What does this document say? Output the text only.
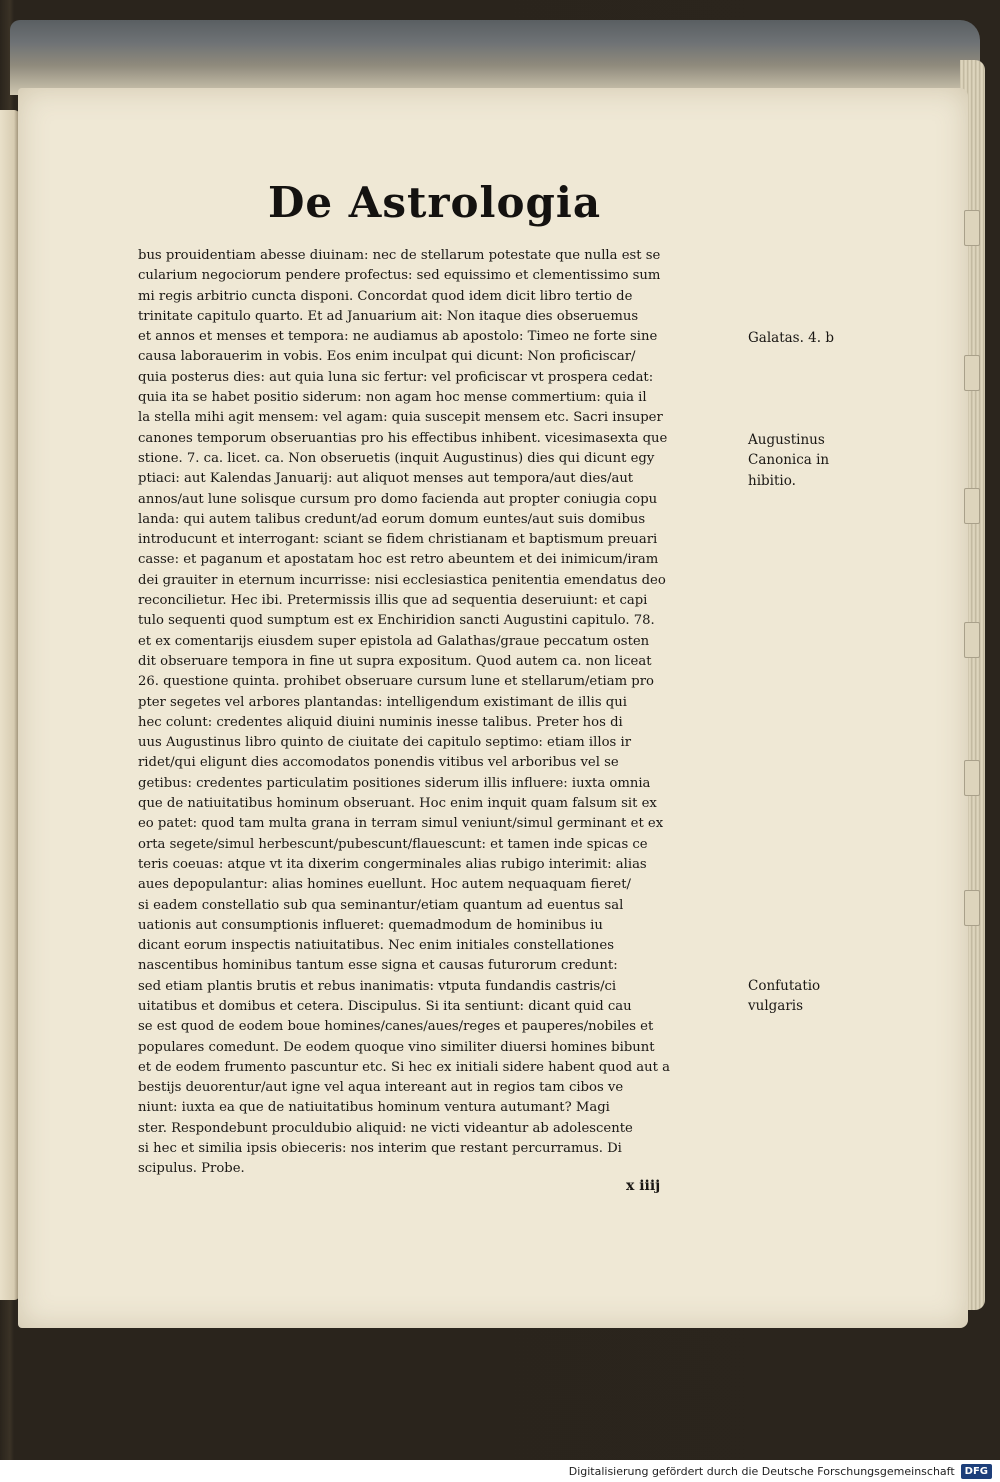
De Astrologia
bus prouidentiam abesse diuinam: nec de stellarum potestate que nulla est se
cularium negociorum pendere profectus: sed equissimo et clementissimo sum
mi regis arbitrio cuncta disponi. Concordat quod idem dicit libro tertio de
trinitate capitulo quarto. Et ad Januarium ait: Non itaque dies obseruemus
et annos et menses et tempora: ne audiamus ab apostolo: Timeo ne forte sine
causa laborauerim in vobis. Eos enim inculpat qui dicunt: Non proficiscar/
quia posterus dies: aut quia luna sic fertur: vel proficiscar vt prospera cedat:
quia ita se habet positio siderum: non agam hoc mense commertium: quia il
la stella mihi agit mensem: vel agam: quia suscepit mensem etc. Sacri insuper
canones temporum obseruantias pro his effectibus inhibent. vicesimasexta que
stione. 7. ca. licet. ca. Non obseruetis (inquit Augustinus) dies qui dicunt egy
ptiaci: aut Kalendas Januarij: aut aliquot menses aut tempora/aut dies/aut
annos/aut lune solisque cursum pro domo facienda aut propter coniugia copu
landa: qui autem talibus credunt/ad eorum domum euntes/aut suis domibus
introducunt et interrogant: sciant se fidem christianam et baptismum preuari
casse: et paganum et apostatam hoc est retro abeuntem et dei inimicum/iram
dei grauiter in eternum incurrisse: nisi ecclesiastica penitentia emendatus deo
reconcilietur. Hec ibi. Pretermissis illis que ad sequentia deseruiunt: et capi
tulo sequenti quod sumptum est ex Enchiridion sancti Augustini capitulo. 78.
et ex comentarijs eiusdem super epistola ad Galathas/graue peccatum osten
dit obseruare tempora in fine ut supra expositum. Quod autem ca. non liceat
26. questione quinta. prohibet obseruare cursum lune et stellarum/etiam pro
pter segetes vel arbores plantandas: intelligendum existimant de illis qui
hec colunt: credentes aliquid diuini numinis inesse talibus. Preter hos di
uus Augustinus libro quinto de ciuitate dei capitulo septimo: etiam illos ir
ridet/qui eligunt dies accomodatos ponendis vitibus vel arboribus vel se
getibus: credentes particulatim positiones siderum illis influere: iuxta omnia
que de natiuitatibus hominum obseruant. Hoc enim inquit quam falsum sit ex
eo patet: quod tam multa grana in terram simul veniunt/simul germinant et ex
orta segete/simul herbescunt/pubescunt/flauescunt: et tamen inde spicas ce
teris coeuas: atque vt ita dixerim congerminales alias rubigo interimit: alias
aues depopulantur: alias homines euellunt. Hoc autem nequaquam fieret/
si eadem constellatio sub qua seminantur/etiam quantum ad euentus sal
uationis aut consumptionis influeret: quemadmodum de hominibus iu
dicant eorum inspectis natiuitatibus. Nec enim initiales constellationes
nascentibus hominibus tantum esse signa et causas futurorum credunt:
sed etiam plantis brutis et rebus inanimatis: vtputa fundandis castris/ci
uitatibus et domibus et cetera. Discipulus. Si ita sentiunt: dicant quid cau
se est quod de eodem boue homines/canes/aues/reges et pauperes/nobiles et
populares comedunt. De eodem quoque vino similiter diuersi homines bibunt
et de eodem frumento pascuntur etc. Si hec ex initiali sidere habent quod aut a
bestijs deuorentur/aut igne vel aqua intereant aut in regios tam cibos ve
niunt: iuxta ea que de natiuitatibus hominum ventura autumant? Magi
ster. Respondebunt proculdubio aliquid: ne victi videantur ab adolescente
si hec et similia ipsis obieceris: nos interim que restant percurramus. Di
scipulus. Probe.
Galatas. 4. b
Augustinus
Canonica in
hibitio.
Confutatio
vulgaris
x iiij
Digitalisierung gefördert durch die Deutsche Forschungsgemeinschaft	DFG
